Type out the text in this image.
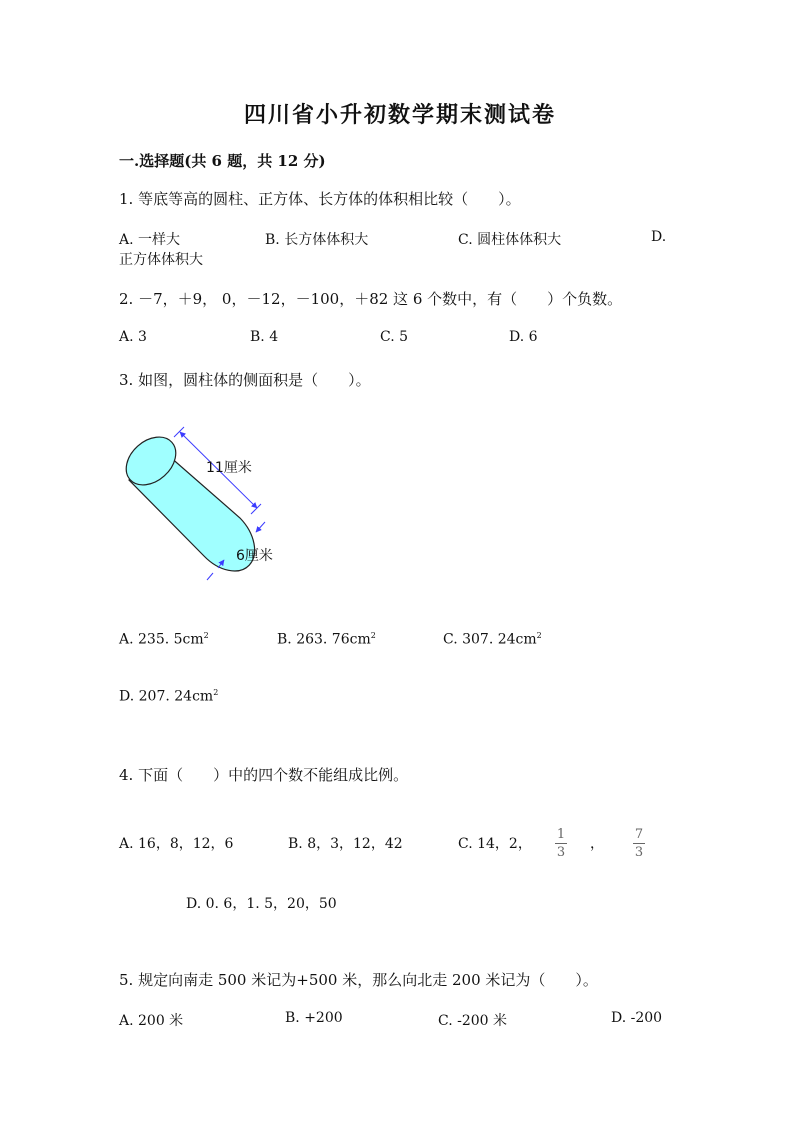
四川省小升初数学期末测试卷
一.选择题(共 6 题，共 12 分)
1. 等底等高的圆柱、正方体、长方体的体积相比较（　　）。
A. 一样大	B. 长方体体积大	C. 圆柱体体积大	D.
正方体体积大
2. －7，＋9， 0，－12，－100，＋82 这 6 个数中，有（　　）个负数。
A. 3	B. 4	C. 5	D. 6
3. 如图，圆柱体的侧面积是（　　）。
11厘米
6厘米
A. 235. $5cm^2$	B. 263. $76cm^2$	C. 307. $24cm^2$
D. 207. $24cm^2$
4. 下面（　　）中的四个数不能组成比例。
A. 16，8，12，6	B. 8，3，12，42	C. 14，2，
1
3
，
7
3
D. 0. 6，1. 5，20，50
5. 规定向南走 500 米记为+500 米，那么向北走 200 米记为（　　）。
A. 200 米	B. +200	C. -200 米	D. -200
